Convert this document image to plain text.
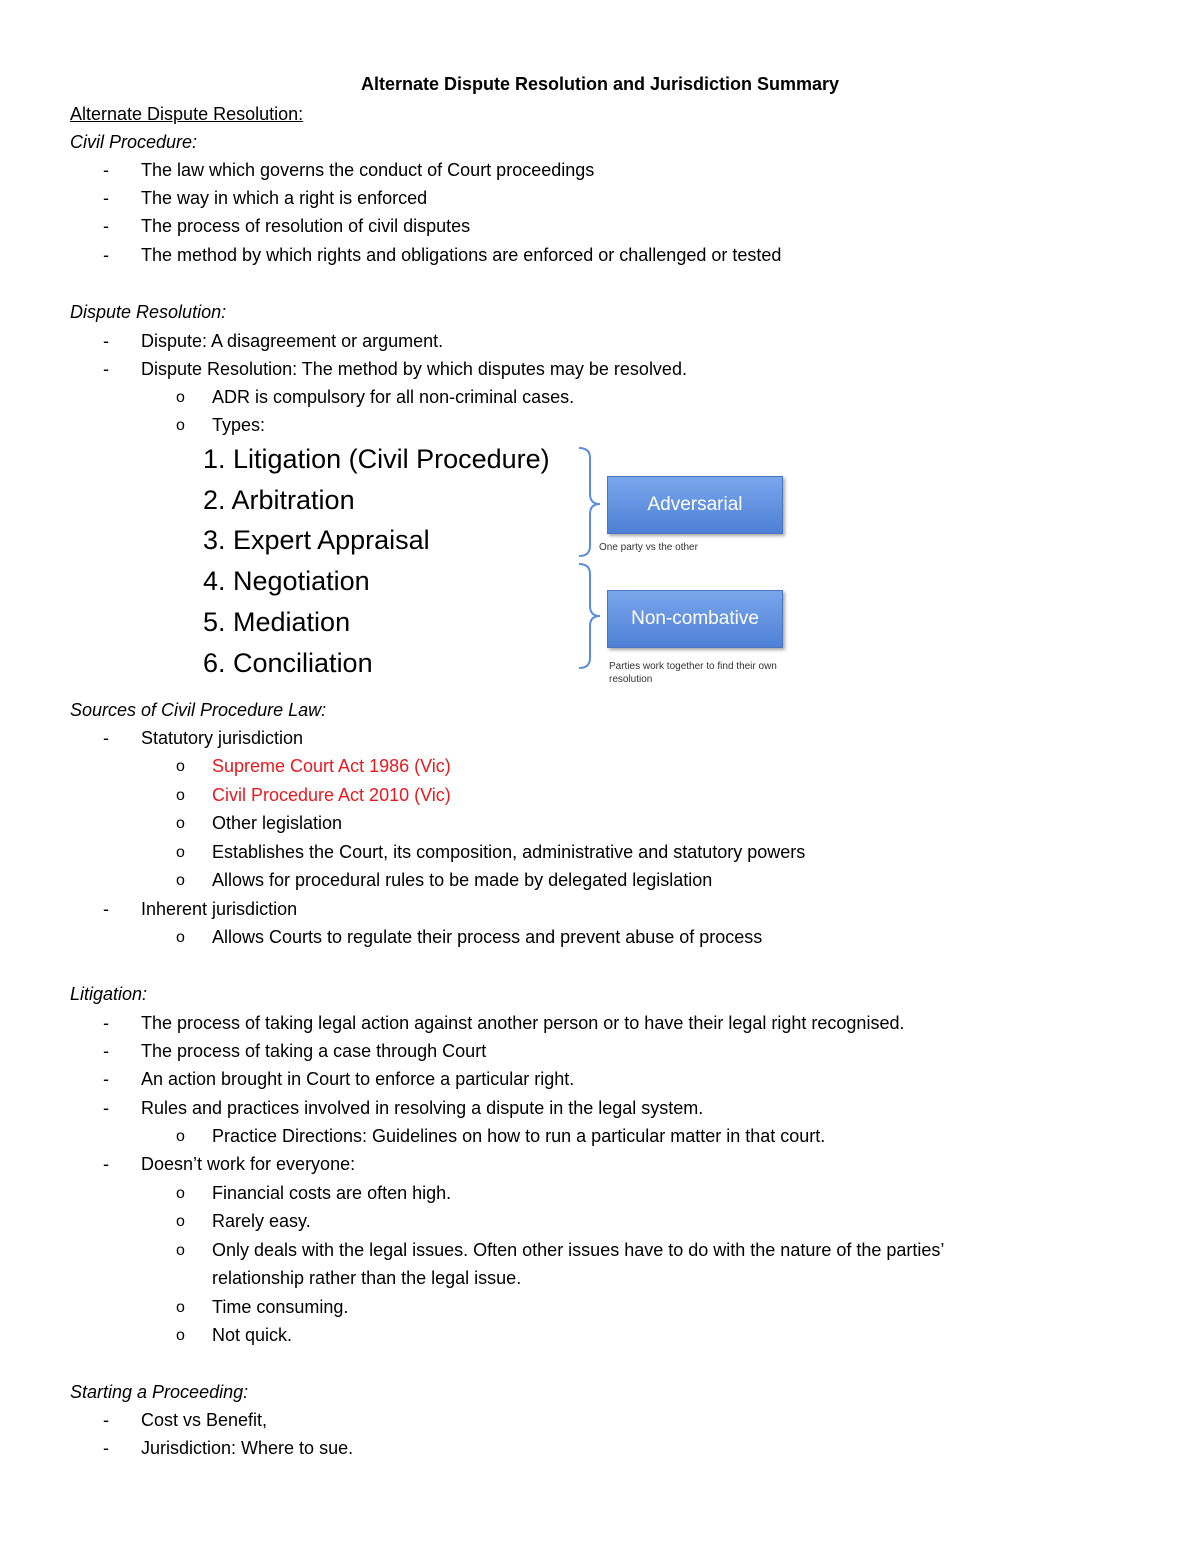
Alternate Dispute Resolution and Jurisdiction Summary
Alternate Dispute Resolution:
Civil Procedure:
- The law which governs the conduct of Court proceedings
- The way in which a right is enforced
- The process of resolution of civil disputes
- The method by which rights and obligations are enforced or challenged or tested
Dispute Resolution:
- Dispute: A disagreement or argument.
- Dispute Resolution: The method by which disputes may be resolved.
o ADR is compulsory for all non-criminal cases.
o Types:
1. Litigation (Civil Procedure)
2. Arbitration
3. Expert Appraisal
4. Negotiation
5. Mediation
6. Conciliation
Adversarial
One party vs the other
Non-combative
Parties work together to find their own
resolution
Sources of Civil Procedure Law:
- Statutory jurisdiction
o Supreme Court Act 1986 (Vic)
o Civil Procedure Act 2010 (Vic)
o Other legislation
o Establishes the Court, its composition, administrative and statutory powers
o Allows for procedural rules to be made by delegated legislation
- Inherent jurisdiction
o Allows Courts to regulate their process and prevent abuse of process
Litigation:
- The process of taking legal action against another person or to have their legal right recognised.
- The process of taking a case through Court
- An action brought in Court to enforce a particular right.
- Rules and practices involved in resolving a dispute in the legal system.
o Practice Directions: Guidelines on how to run a particular matter in that court.
- Doesn’t work for everyone:
o Financial costs are often high.
o Rarely easy.
o Only deals with the legal issues. Often other issues have to do with the nature of the parties’
relationship rather than the legal issue.
o Time consuming.
o Not quick.
Starting a Proceeding:
- Cost vs Benefit,
- Jurisdiction: Where to sue.
